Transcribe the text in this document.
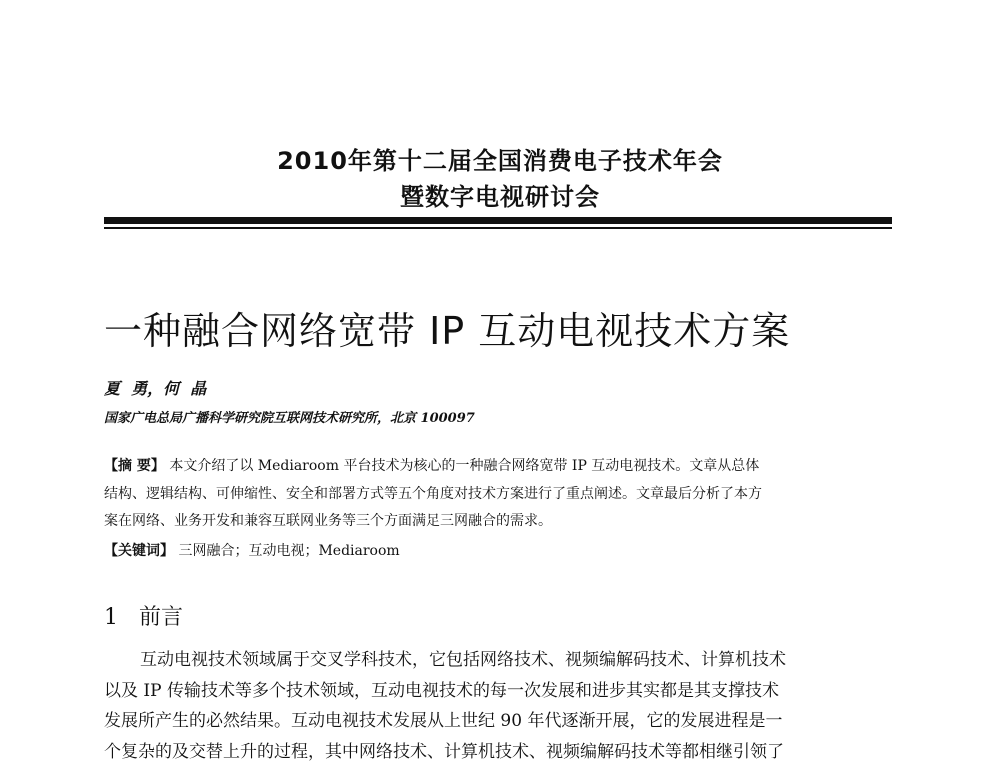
2010年第十二届全国消费电子技术年会
暨数字电视研讨会
一种融合网络宽带 IP 互动电视技术方案
夏  勇，何  晶
国家广电总局广播科学研究院互联网技术研究所，北京 100097
【摘 要】 本文介绍了以 Mediaroom 平台技术为核心的一种融合网络宽带 IP 互动电视技术。文章从总体
结构、逻辑结构、可伸缩性、安全和部署方式等五个角度对技术方案进行了重点阐述。文章最后分析了本方
案在网络、业务开发和兼容互联网业务等三个方面满足三网融合的需求。
【关键词】 三网融合；互动电视；Mediaroom
1 前言
互动电视技术领域属于交叉学科技术，它包括网络技术、视频编解码技术、计算机技术
以及 IP 传输技术等多个技术领域，互动电视技术的每一次发展和进步其实都是其支撑技术
发展所产生的必然结果。互动电视技术发展从上世纪 90 年代逐渐开展，它的发展进程是一
个复杂的及交替上升的过程，其中网络技术、计算机技术、视频编解码技术等都相继引领了
